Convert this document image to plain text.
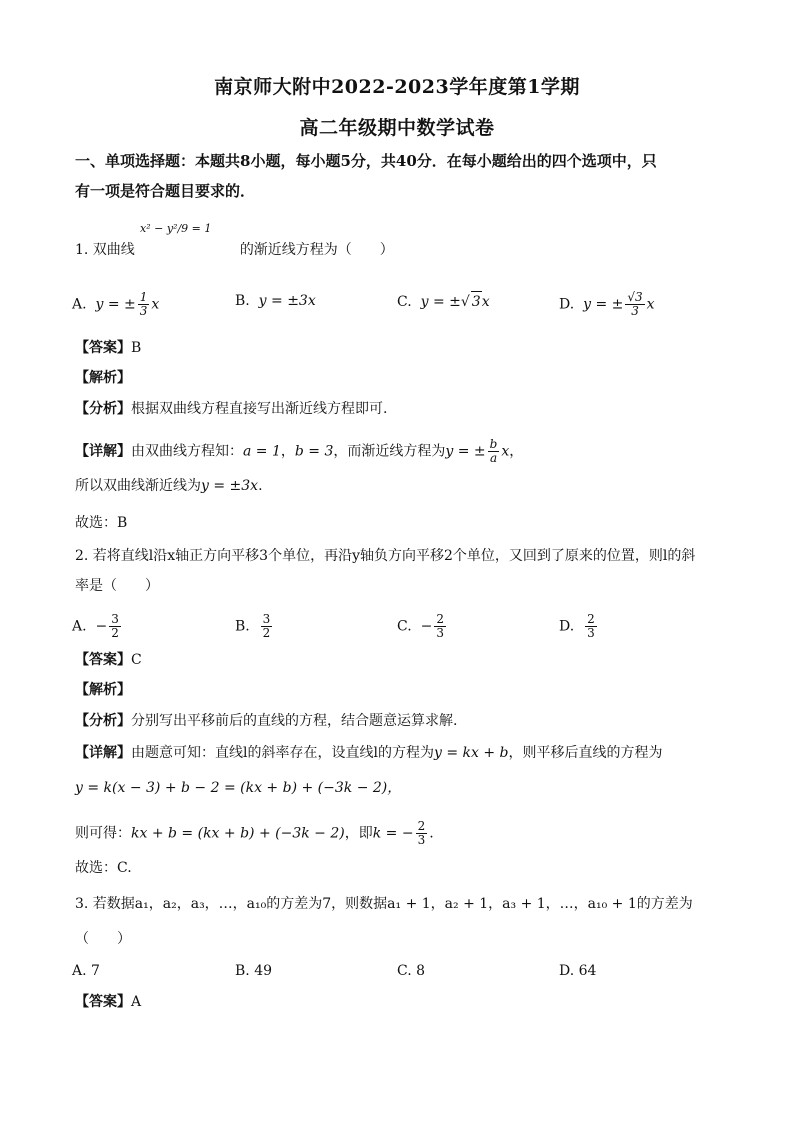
南京师大附中2022-2023学年度第1学期
高二年级期中数学试卷
一、单项选择题：本题共8小题，每小题5分，共40分．在每小题给出的四个选项中，只
有一项是符合题目要求的．
1. 双曲线	的渐近线方程为（　　）
x² − y²/9 = 1
A. y = ± $\frac{1}{3}$ x	B. y = ±3x	C. y = ±√ 3x	D. y = ± $\frac{√3}{3}$ x
【答案】B
【解析】
【分析】根据双曲线方程直接写出渐近线方程即可.
【详解】由双曲线方程知：a = 1，b = 3，而渐近线方程为y = ± $\frac{b}{a}$ x，
所以双曲线渐近线为y = ±3x.
故选：B
2. 若将直线l沿x轴正方向平移3个单位，再沿y轴负方向平移2个单位，又回到了原来的位置，则l的斜
率是（　　）
A. − $\frac{3}{2}$	B. $\frac{3}{2}$	C. − $\frac{2}{3}$	D. $\frac{2}{3}$
【答案】C
【解析】
【分析】分别写出平移前后的直线的方程，结合题意运算求解.
【详解】由题意可知：直线l的斜率存在，设直线l的方程为y = kx + b，则平移后直线的方程为
y = k(x − 3) + b − 2 = (kx + b) + (−3k − 2)，
则可得：kx + b = (kx + b) + (−3k − 2)，即k = − $\frac{2}{3}$ .
故选：C.
3. 若数据a₁，a₂，a₃，…，a₁₀的方差为7，则数据a₁ + 1，a₂ + 1，a₃ + 1，…，a₁₀ + 1的方差为
（　　）
A. 7	B. 49	C. 8	D. 64
【答案】A
